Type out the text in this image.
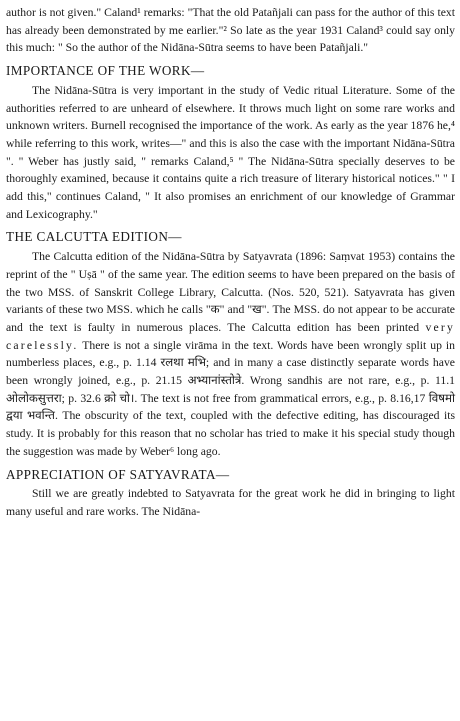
author is not given." Caland¹ remarks: "That the old Patañjali can pass for the author of this text has already been demonstrated by me earlier."² So late as the year 1931 Caland³ could say only this much: " So the author of the Nidāna-Sūtra seems to have been Patañjali."

IMPORTANCE OF THE WORK—

The Nidāna-Sūtra is very important in the study of Vedic ritual Literature. Some of the authorities referred to are unheard of elsewhere. It throws much light on some rare works and unknown writers. Burnell recognised the importance of the work. As early as the year 1876 he,⁴ while referring to this work, writes—" and this is also the case with the important Nidāna-Sūtra ". " Weber has justly said, " remarks Caland,⁵ " The Nidāna-Sūtra specially deserves to be thoroughly examined, because it contains quite a rich treasure of literary historical notices." " I add this," continues Caland, " It also promises an enrichment of our knowledge of Grammar and Lexicography."

THE CALCUTTA EDITION—

The Calcutta edition of the Nidāna-Sūtra by Satyavrata (1896: Saṃvat 1953) contains the reprint of the " Uṣā " of the same year. The edition seems to have been prepared on the basis of the two MSS. of Sanskrit College Library, Calcutta. (Nos. 520, 521). Satyavrata has given variants of these two MSS. which he calls "क" and "ख". The MSS. do not appear to be accurate and the text is faulty in numerous places. The Calcutta edition has been printed very carelessly. There is not a single virāma in the text. Words have been wrongly split up in numberless places, e.g., p. 1.14 रलथा मभि; and in many a case distinctly separate words have been wrongly joined, e.g., p. 21.15 अभ्यानांस्तोत्रे. Wrong sandhis are not rare, e.g., p. 11.1 ओलोकसुत्तरा; p. 32.6 क्रो चो।. The text is not free from grammatical errors, e.g., p. 8.16,17 विषमो द्वया भवन्ति. The obscurity of the text, coupled with the defective editing, has discouraged its study. It is probably for this reason that no scholar has tried to make it his special study though the suggestion was made by Weber⁶ long ago.

APPRECIATION OF SATYAVRATA—

Still we are greatly indebted to Satyavrata for the great work he did in bringing to light many useful and rare works. The Nidāna-
